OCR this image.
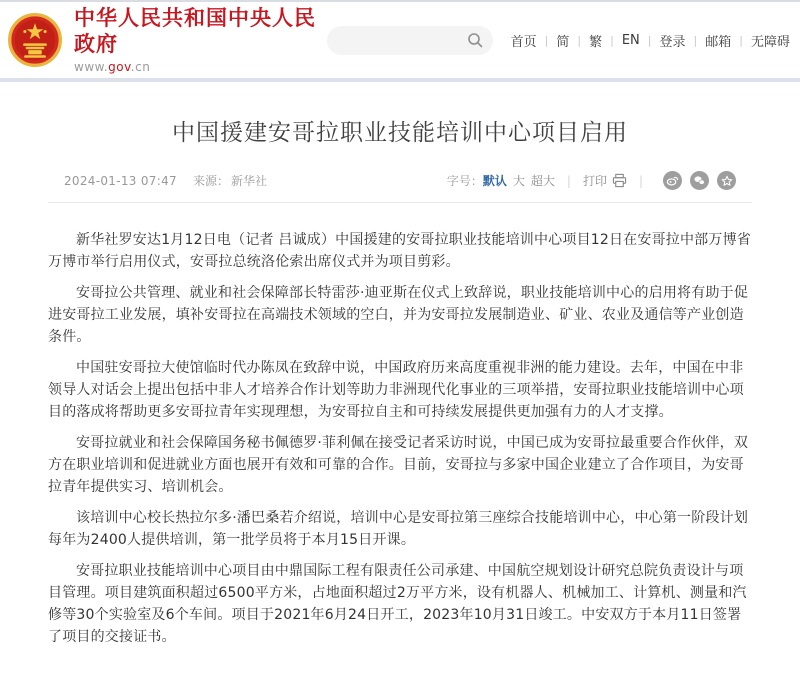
中华人民共和国中央人民政府
www.gov.cn
首页 | 简 | 繁 | EN | 登录 | 邮箱 | 无障碍
中国援建安哥拉职业技能培训中心项目启用
2024-01-13 07:47 来源： 新华社	字号： 默认 大 超大 | 打印
|

新华社罗安达1月12日电（记者 吕诚成）中国援建的安哥拉职业技能培训中心项目12日在安哥拉中部万博省万博市举行启用仪式，安哥拉总统洛伦索出席仪式并为项目剪彩。

安哥拉公共管理、就业和社会保障部长特雷莎·迪亚斯在仪式上致辞说，职业技能培训中心的启用将有助于促进安哥拉工业发展，填补安哥拉在高端技术领域的空白，并为安哥拉发展制造业、矿业、农业及通信等产业创造条件。

中国驻安哥拉大使馆临时代办陈凤在致辞中说，中国政府历来高度重视非洲的能力建设。去年，中国在中非领导人对话会上提出包括中非人才培养合作计划等助力非洲现代化事业的三项举措，安哥拉职业技能培训中心项目的落成将帮助更多安哥拉青年实现理想，为安哥拉自主和可持续发展提供更加强有力的人才支撑。

安哥拉就业和社会保障国务秘书佩德罗·菲利佩在接受记者采访时说，中国已成为安哥拉最重要合作伙伴，双方在职业培训和促进就业方面也展开有效和可靠的合作。目前，安哥拉与多家中国企业建立了合作项目，为安哥拉青年提供实习、培训机会。

该培训中心校长热拉尔多·潘巴桑若介绍说，培训中心是安哥拉第三座综合技能培训中心，中心第一阶段计划每年为2400人提供培训，第一批学员将于本月15日开课。

安哥拉职业技能培训中心项目由中鼎国际工程有限责任公司承建、中国航空规划设计研究总院负责设计与项目管理。项目建筑面积超过6500平方米，占地面积超过2万平方米，设有机器人、机械加工、计算机、测量和汽修等30个实验室及6个车间。项目于2021年6月24日开工，2023年10月31日竣工。中安双方于本月11日签署了项目的交接证书。
